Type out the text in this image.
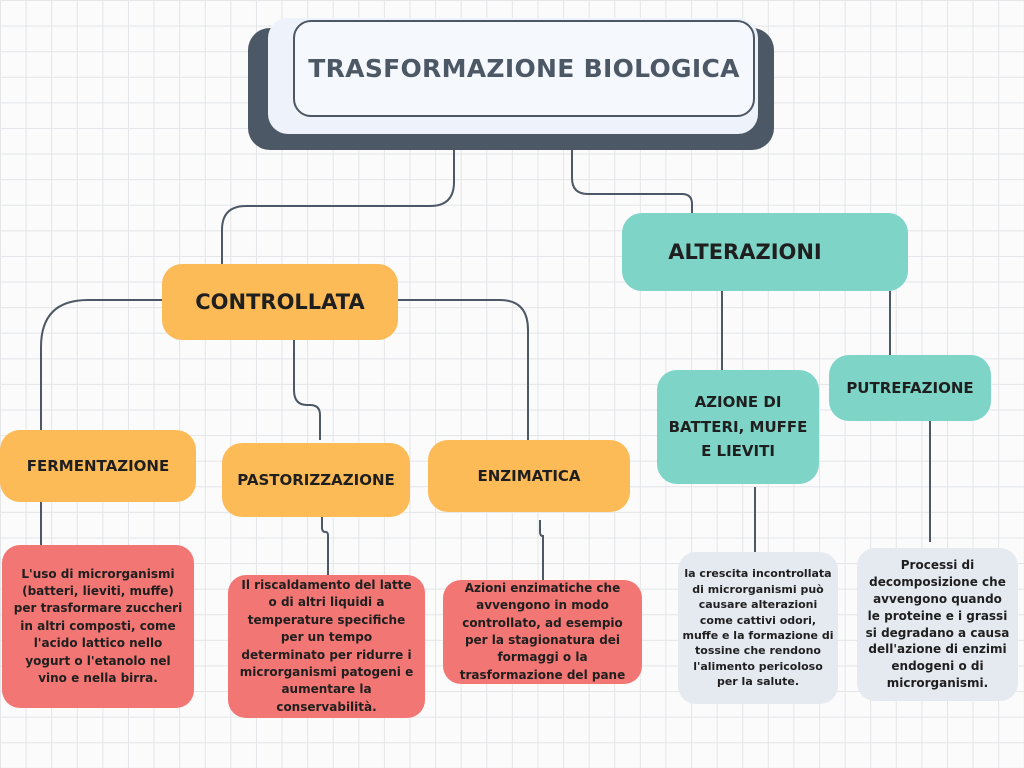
TRASFORMAZIONE BIOLOGICA
CONTROLLATA
ALTERAZIONI
FERMENTAZIONE
PASTORIZZAZIONE	ENZIMATICA
AZIONE DI BATTERI, MUFFE E LIEVITI
PUTREFAZIONE
L'uso di microrganismi (batteri, lieviti, muffe) per trasformare zuccheri in altri composti, come l'acido lattico nello yogurt o l'etanolo nel vino e nella birra.
Il riscaldamento del latte o di altri liquidi a temperature specifiche per un tempo determinato per ridurre i microrganismi patogeni e aumentare la conservabilità.
Azioni enzimatiche che avvengono in modo controllato, ad esempio per la stagionatura dei formaggi o la trasformazione del pane
la crescita incontrollata di microrganismi può causare alterazioni come cattivi odori, muffe e la formazione di tossine che rendono l'alimento pericoloso per la salute.
Processi di decomposizione che avvengono quando le proteine e i grassi si degradano a causa dell'azione di enzimi endogeni o di microrganismi.
